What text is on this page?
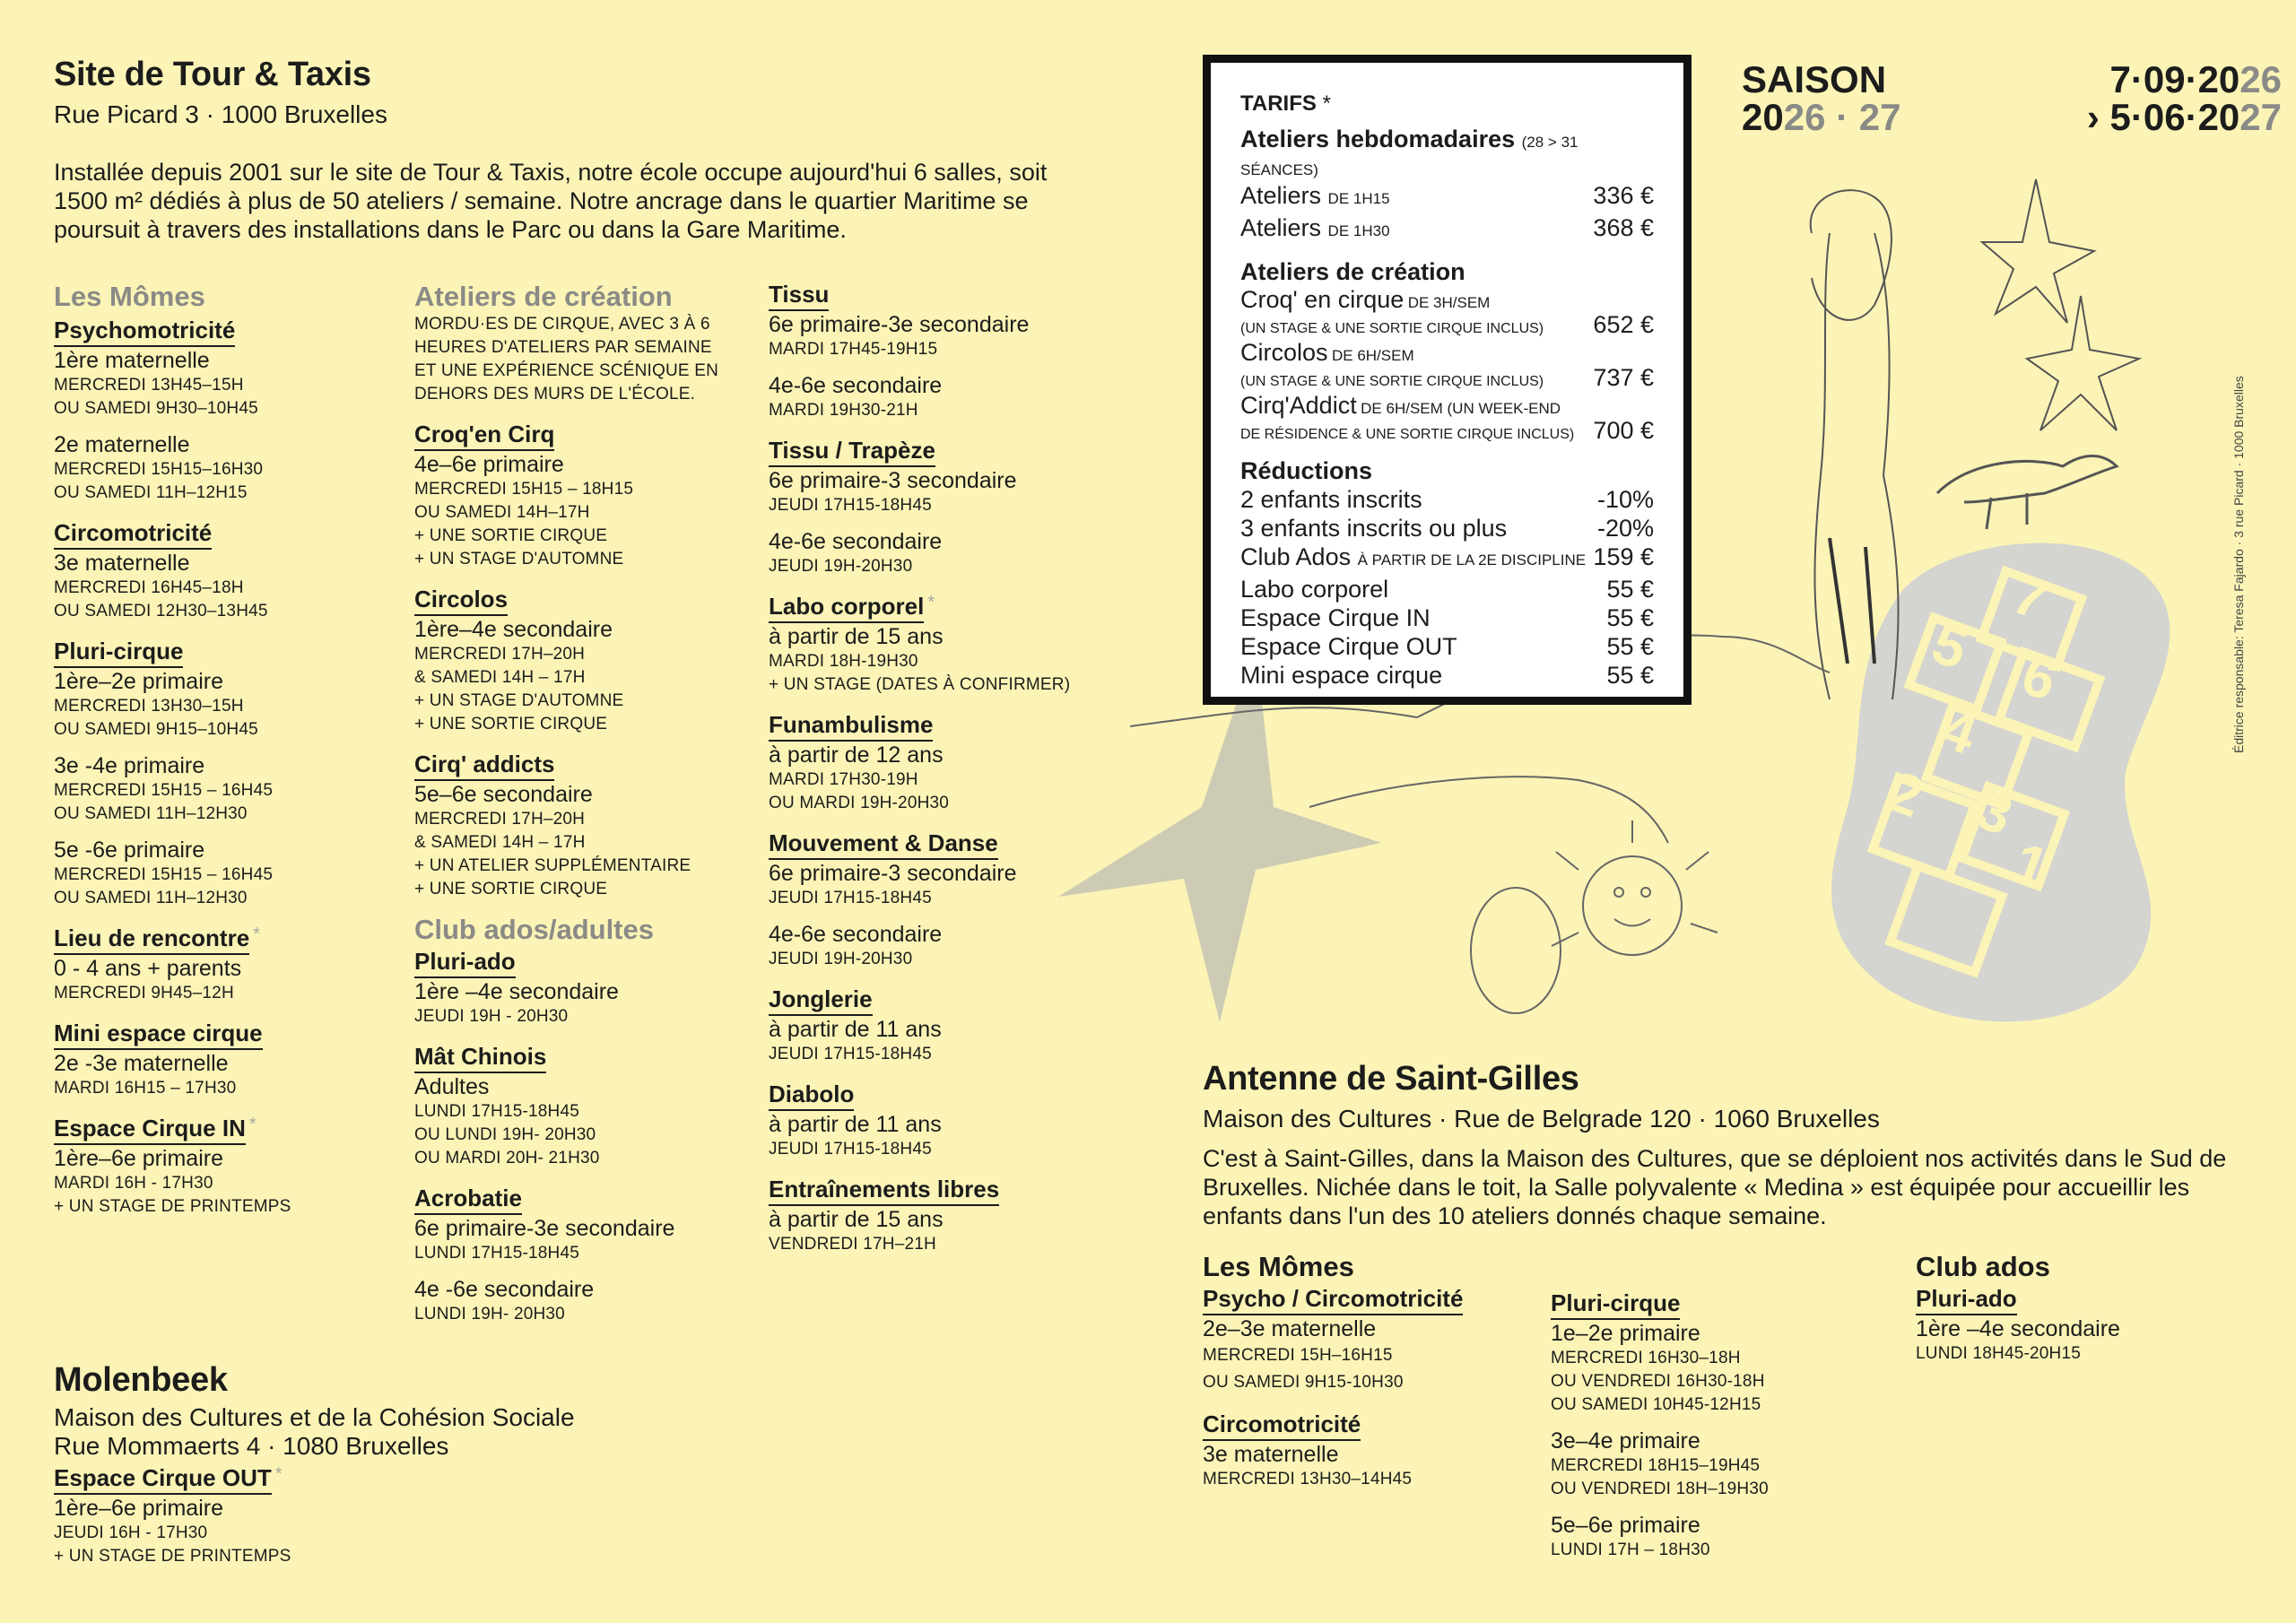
Site de Tour & Taxis
Rue Picard 3 · 1000 Bruxelles
Installée depuis 2001 sur le site de Tour & Taxis, notre école occupe aujourd'hui 6 salles, soit 1500 m² dédiés à plus de 50 ateliers / semaine. Notre ancrage dans le quartier Maritime se poursuit à travers des installations dans le Parc ou dans la Gare Maritime.
Les Mômes
Psychomotricité
1ère maternelle
MERCREDI 13H45–15H
OU SAMEDI 9H30–10H45
2e maternelle
MERCREDI 15H15–16H30
OU SAMEDI 11H–12H15
Circomotricité
3e maternelle
MERCREDI 16H45–18H
OU SAMEDI 12H30–13H45
Pluri-cirque
1ère–2e primaire
MERCREDI 13H30–15H
OU SAMEDI 9H15–10H45
3e -4e primaire
MERCREDI 15H15 – 16H45
OU SAMEDI 11H–12H30
5e -6e primaire
MERCREDI 15H15 – 16H45
OU SAMEDI 11H–12H30
Lieu de rencontre *
0 - 4 ans + parents
MERCREDI 9H45–12H
Mini espace cirque
2e -3e maternelle
MARDI 16H15 – 17H30
Espace Cirque IN *
1ère–6e primaire
MARDI 16H - 17H30
+ UN STAGE DE PRINTEMPS
Ateliers de création
MORDU·ES DE CIRQUE, AVEC 3 À 6 HEURES D'ATELIERS PAR SEMAINE ET UNE EXPÉRIENCE SCÉNIQUE EN DEHORS DES MURS DE L'ÉCOLE.
Croq'en Cirq
4e–6e primaire
MERCREDI 15H15 – 18H15
OU SAMEDI 14H–17H
+ UNE SORTIE CIRQUE
+ UN STAGE D'AUTOMNE
Circolos
1ère–4e secondaire
MERCREDI 17H–20H
& SAMEDI 14H – 17H
+ UN STAGE D'AUTOMNE
+ UNE SORTIE CIRQUE
Cirq' addicts
5e–6e secondaire
MERCREDI 17H–20H
& SAMEDI 14H – 17H
+ UN ATELIER SUPPLÉMENTAIRE
+ UNE SORTIE CIRQUE
Club ados/adultes
Pluri-ado
1ère –4e secondaire
JEUDI 19H - 20H30
Mât Chinois
Adultes
LUNDI 17H15-18H45
OU LUNDI 19H- 20H30
OU MARDI 20H- 21H30
Acrobatie
6e primaire-3e secondaire
LUNDI 17H15-18H45
4e -6e secondaire
LUNDI 19H- 20H30
Tissu
6e primaire-3e secondaire
MARDI 17H45-19H15
4e-6e secondaire
MARDI 19H30-21H
Tissu / Trapèze
6e primaire-3 secondaire
JEUDI 17H15-18H45
4e-6e secondaire
JEUDI 19H-20H30
Labo corporel *
à partir de 15 ans
MARDI 18H-19H30
+ UN STAGE (DATES À CONFIRMER)
Funambulisme
à partir de 12 ans
MARDI 17H30-19H
OU MARDI 19H-20H30
Mouvement & Danse
6e primaire-3 secondaire
JEUDI 17H15-18H45
4e-6e secondaire
JEUDI 19H-20H30
Jonglerie
à partir de 11 ans
JEUDI 17H15-18H45
Diabolo
à partir de 11 ans
JEUDI 17H15-18H45
Entraînements libres
à partir de 15 ans
VENDREDI 17H–21H
Molenbeek
Maison des Cultures et de la Cohésion Sociale
Rue Mommaerts 4 · 1080 Bruxelles
Espace Cirque OUT *
1ère–6e primaire
JEUDI 16H - 17H30
+ UN STAGE DE PRINTEMPS
1
2 3
4
5 6
7
TARIFS *
Ateliers hebdomadaires (28 > 31 SÉANCES)
Ateliers DE 1H15	336 €
Ateliers DE 1H30	368 €
Ateliers de création
Croq' en cirque DE 3H/SEM
(UN STAGE & UNE SORTIE CIRQUE INCLUS) 652 €
Circolos DE 6H/SEM
(UN STAGE & UNE SORTIE CIRQUE INCLUS) 737 €
Cirq'Addict DE 6H/SEM (UN WEEK-END
DE RÉSIDENCE & UNE SORTIE CIRQUE INCLUS) 700 €
Réductions
2 enfants inscrits	-10%
3 enfants inscrits ou plus	-20%
Club Ados À PARTIR DE LA 2E DISCIPLINE 159 €
Labo corporel	55 €
Espace Cirque IN	55 €
Espace Cirque OUT	55 €
Mini espace cirque	55 €
SAISON
2026 · 27
7·09·2026
› 5·06·2027
Éditrice responsable: Teresa Fajardo · 3 rue Picard · 1000 Bruxelles
Antenne de Saint-Gilles
Maison des Cultures · Rue de Belgrade 120 · 1060 Bruxelles
C'est à Saint-Gilles, dans la Maison des Cultures, que se déploient nos activités dans le Sud de Bruxelles. Nichée dans le toit, la Salle polyvalente « Medina » est équipée pour accueillir les enfants dans l'un des 10 ateliers donnés chaque semaine.
Les Mômes
Psycho / Circomotricité
2e–3e maternelle
MERCREDI 15H–16H15
OU SAMEDI 9H15-10H30
Circomotricité
3e maternelle
MERCREDI 13H30–14H45
Pluri-cirque
1e–2e primaire
MERCREDI 16H30–18H
OU VENDREDI 16H30-18H
OU SAMEDI 10H45-12H15
3e–4e primaire
MERCREDI 18H15–19H45
OU VENDREDI 18H–19H30
5e–6e primaire
LUNDI 17H – 18H30
Club ados
Pluri-ado
1ère –4e secondaire
LUNDI 18H45-20H15
